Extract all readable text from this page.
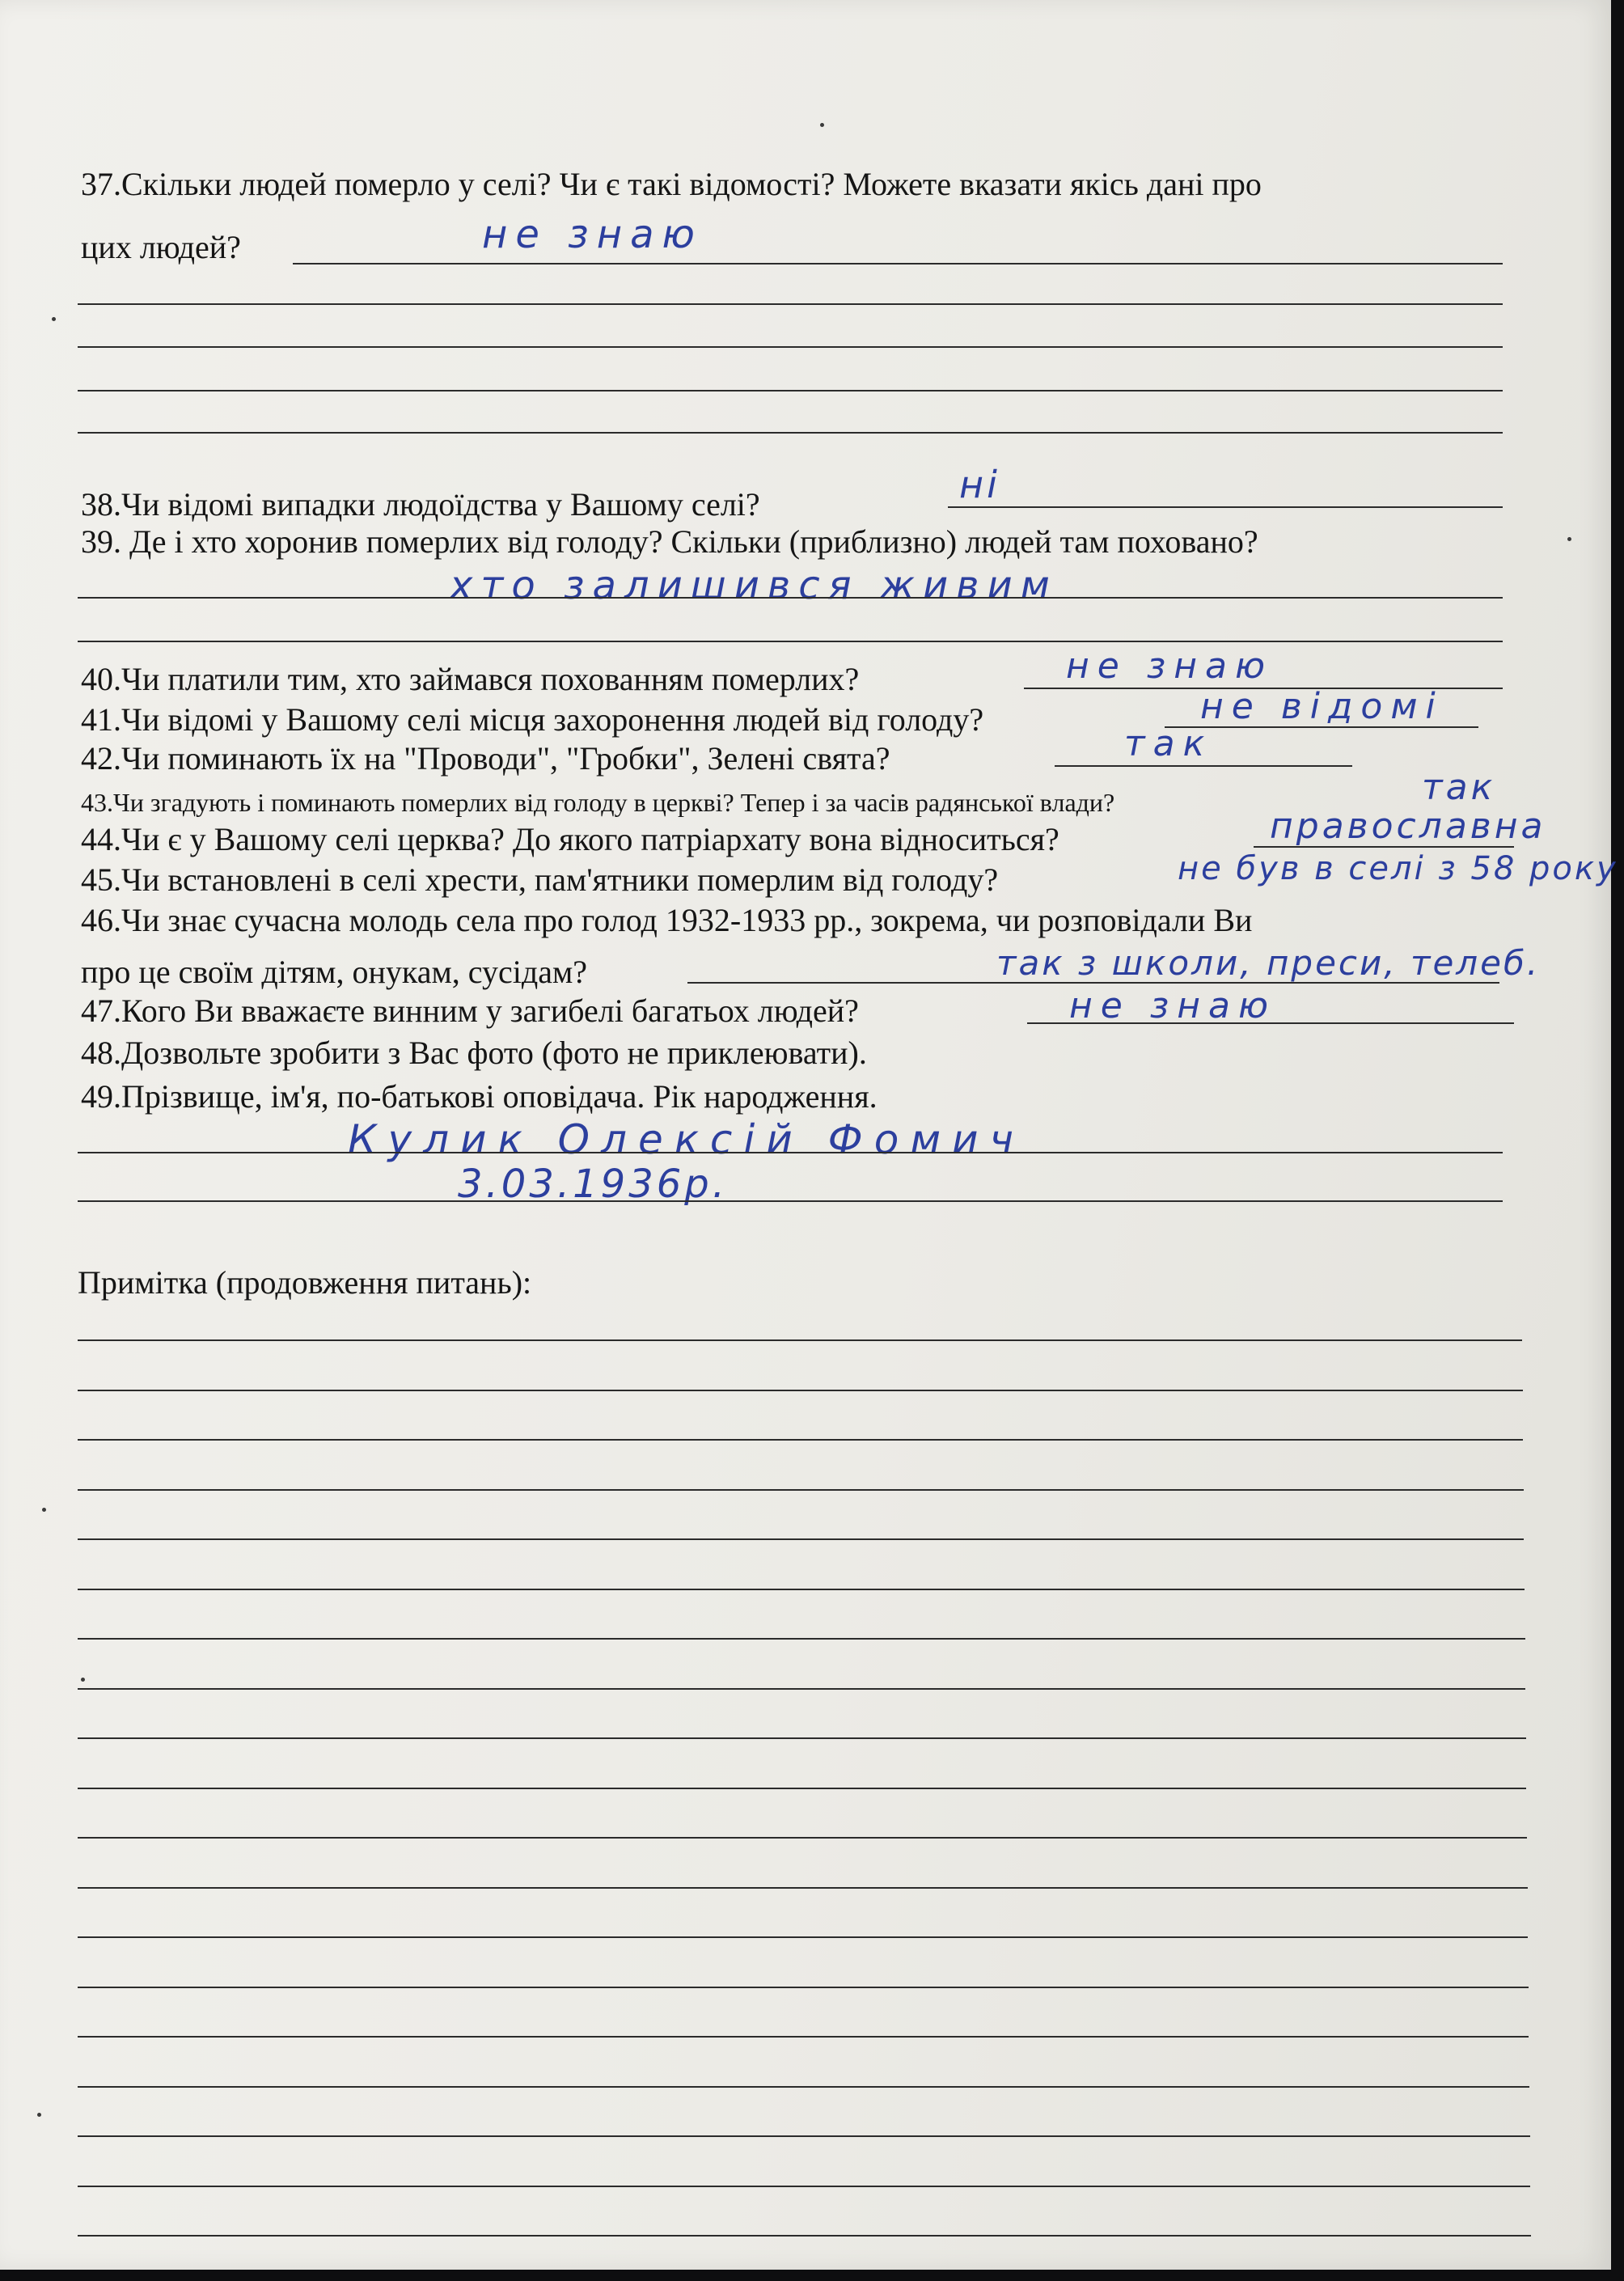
37.Скільки людей померло у селі? Чи є такі відомості? Можете вказати якісь дані про
цих людей?	не знаю
38.Чи відомі випадки людоїдства у Вашому селі?	ні
39. Де і хто хоронив померлих від голоду? Скільки (приблизно) людей там поховано?
хто залишився живим
40.Чи платили тим, хто займався похованням померлих?	не знаю
41.Чи відомі у Вашому селі місця захоронення людей від голоду?	не відомі
42.Чи поминають їх на "Проводи", "Гробки", Зелені свята?	так
43.Чи згадують і поминають померлих від голоду в церкві? Тепер і за часів радянської влади?	так
44.Чи є у Вашому селі церква? До якого патріархату вона відноситься?	православна
45.Чи встановлені в селі хрести, пам'ятники померлим від голоду?	не був в селі з 58 року
46.Чи знає сучасна молодь села про голод 1932-1933 рр., зокрема, чи розповідали Ви
про це своїм дітям, онукам, сусідам?	так з школи, преси, телеб.
47.Кого Ви вважаєте винним у загибелі багатьох людей?	не знаю
48.Дозвольте зробити з Вас фото (фото не приклеювати).
49.Прізвище, ім'я, по-батькові оповідача. Рік народження.
Кулик Олексій Фомич
3.03.1936р.
Примітка (продовження питань):
